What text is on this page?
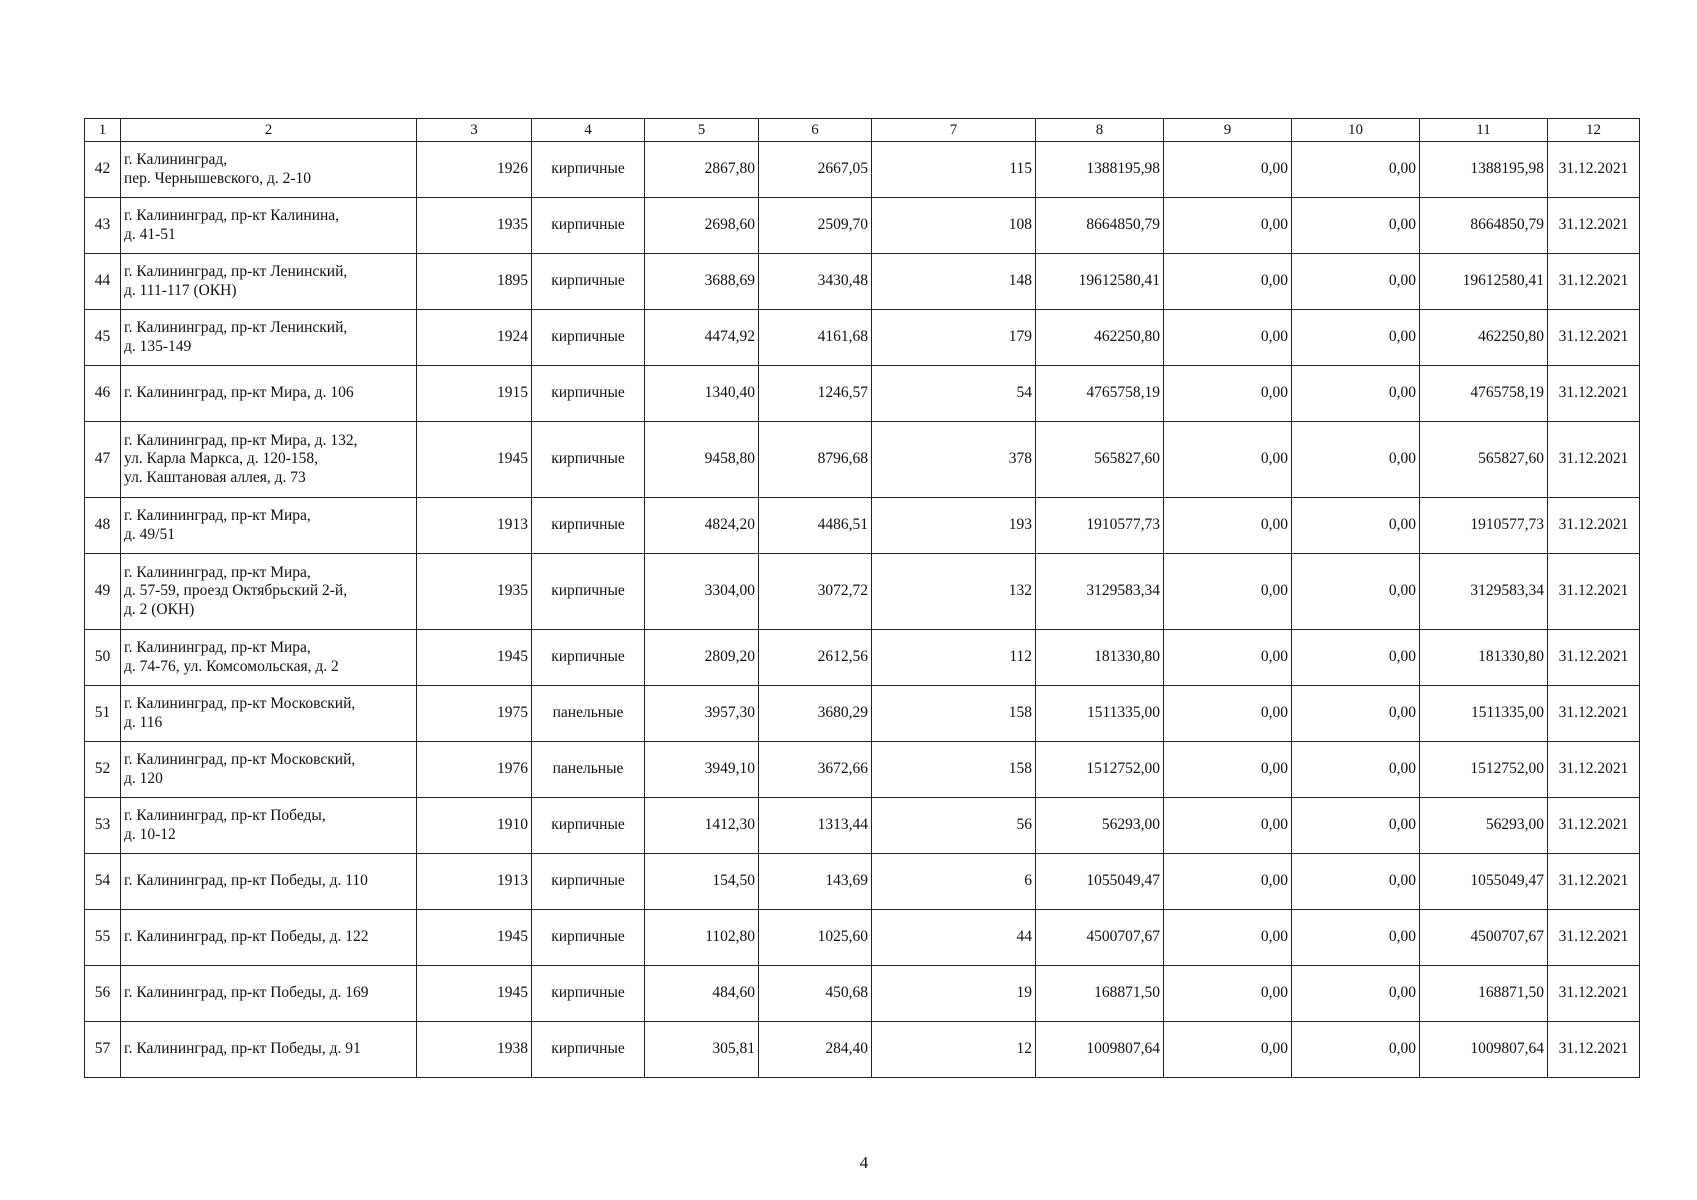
1	2	3	4	5	6	7	8	9	10	11	12
42	г. Калининград,
пер. Чернышевского, д. 2-10	1926	кирпичные	2867,80	2667,05	115	1388195,98	0,00	0,00	1388195,98	31.12.2021
43	г. Калининград, пр-кт Калинина,
д. 41-51	1935	кирпичные	2698,60	2509,70	108	8664850,79	0,00	0,00	8664850,79	31.12.2021
44	г. Калининград, пр-кт Ленинский,
д. 111-117 (ОКН)	1895	кирпичные	3688,69	3430,48	148	19612580,41	0,00	0,00	19612580,41	31.12.2021
45	г. Калининград, пр-кт Ленинский,
д. 135-149	1924	кирпичные	4474,92	4161,68	179	462250,80	0,00	0,00	462250,80	31.12.2021
46	г. Калининград, пр-кт Мира, д. 106	1915	кирпичные	1340,40	1246,57	54	4765758,19	0,00	0,00	4765758,19	31.12.2021
47	г. Калининград, пр-кт Мира, д. 132,
ул. Карла Маркса, д. 120-158,
ул. Каштановая аллея, д. 73	1945	кирпичные	9458,80	8796,68	378	565827,60	0,00	0,00	565827,60	31.12.2021
48	г. Калининград, пр-кт Мира,
д. 49/51	1913	кирпичные	4824,20	4486,51	193	1910577,73	0,00	0,00	1910577,73	31.12.2021
49	г. Калининград, пр-кт Мира,
д. 57-59, проезд Октябрьский 2-й,
д. 2 (ОКН)	1935	кирпичные	3304,00	3072,72	132	3129583,34	0,00	0,00	3129583,34	31.12.2021
50	г. Калининград, пр-кт Мира,
д. 74-76, ул. Комсомольская, д. 2	1945	кирпичные	2809,20	2612,56	112	181330,80	0,00	0,00	181330,80	31.12.2021
51	г. Калининград, пр-кт Московский,
д. 116	1975	панельные	3957,30	3680,29	158	1511335,00	0,00	0,00	1511335,00	31.12.2021
52	г. Калининград, пр-кт Московский,
д. 120	1976	панельные	3949,10	3672,66	158	1512752,00	0,00	0,00	1512752,00	31.12.2021
53	г. Калининград, пр-кт Победы,
д. 10-12	1910	кирпичные	1412,30	1313,44	56	56293,00	0,00	0,00	56293,00	31.12.2021
54	г. Калининград, пр-кт Победы, д. 110	1913	кирпичные	154,50	143,69	6	1055049,47	0,00	0,00	1055049,47	31.12.2021
55	г. Калининград, пр-кт Победы, д. 122	1945	кирпичные	1102,80	1025,60	44	4500707,67	0,00	0,00	4500707,67	31.12.2021
56	г. Калининград, пр-кт Победы, д. 169	1945	кирпичные	484,60	450,68	19	168871,50	0,00	0,00	168871,50	31.12.2021
57	г. Калининград, пр-кт Победы, д. 91	1938	кирпичные	305,81	284,40	12	1009807,64	0,00	0,00	1009807,64	31.12.2021
4
